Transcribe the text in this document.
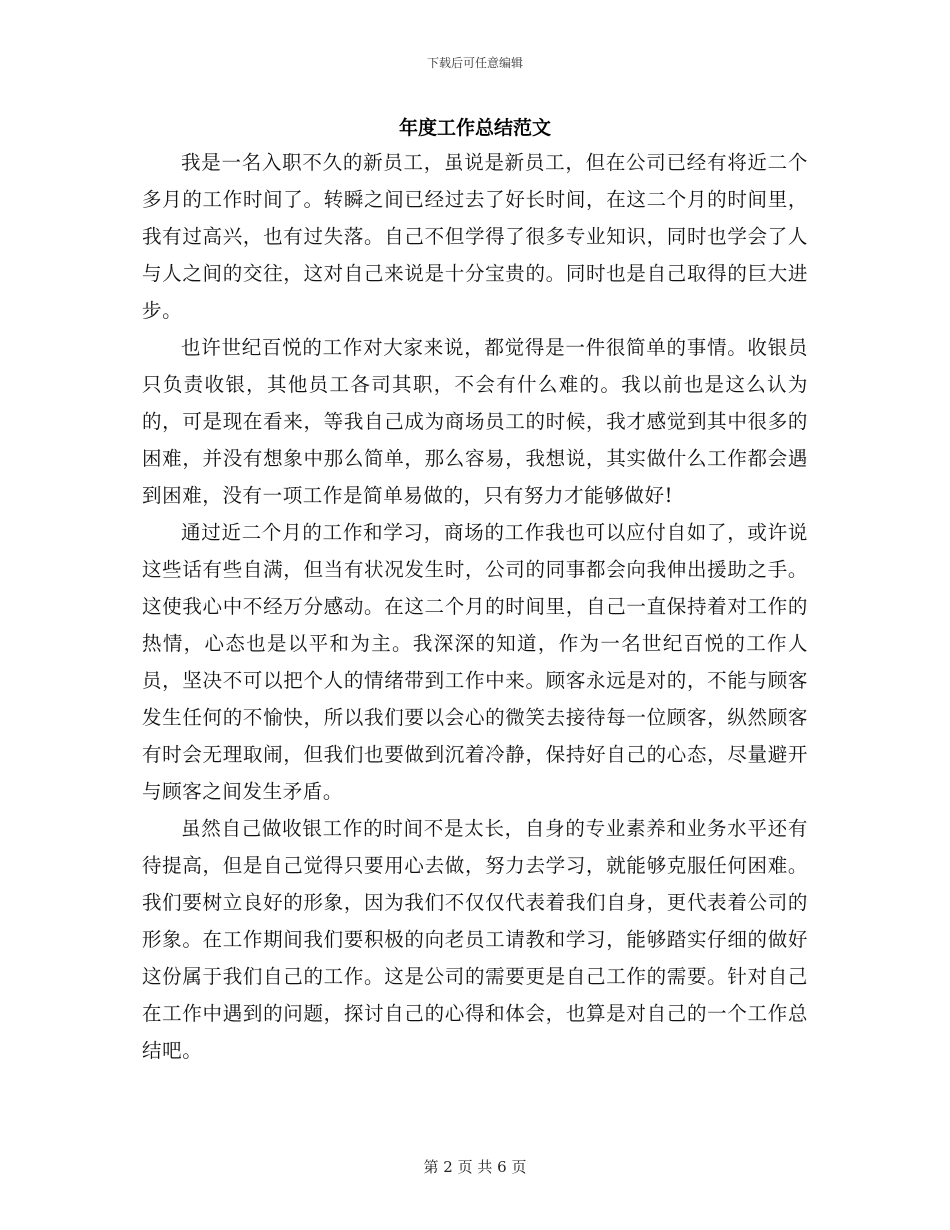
下载后可任意编辑
年度工作总结范文

我是一名入职不久的新员工，虽说是新员工，但在公司已经有将近二个多月的工作时间了。转瞬之间已经过去了好长时间，在这二个月的时间里，我有过高兴，也有过失落。自己不但学得了很多专业知识，同时也学会了人与人之间的交往，这对自己来说是十分宝贵的。同时也是自己取得的巨大进步。

也许世纪百悦的工作对大家来说，都觉得是一件很简单的事情。收银员只负责收银，其他员工各司其职，不会有什么难的。我以前也是这么认为的，可是现在看来，等我自己成为商场员工的时候，我才感觉到其中很多的困难，并没有想象中那么简单，那么容易，我想说，其实做什么工作都会遇到困难，没有一项工作是简单易做的，只有努力才能够做好!

通过近二个月的工作和学习，商场的工作我也可以应付自如了，或许说这些话有些自满，但当有状况发生时，公司的同事都会向我伸出援助之手。这使我心中不经万分感动。在这二个月的时间里，自己一直保持着对工作的热情，心态也是以平和为主。我深深的知道，作为一名世纪百悦的工作人员，坚决不可以把个人的情绪带到工作中来。顾客永远是对的，不能与顾客发生任何的不愉快，所以我们要以会心的微笑去接待每一位顾客，纵然顾客有时会无理取闹，但我们也要做到沉着冷静，保持好自己的心态，尽量避开与顾客之间发生矛盾。

虽然自己做收银工作的时间不是太长，自身的专业素养和业务水平还有待提高，但是自己觉得只要用心去做，努力去学习，就能够克服任何困难。我们要树立良好的形象，因为我们不仅仅代表着我们自身，更代表着公司的形象。在工作期间我们要积极的向老员工请教和学习，能够踏实仔细的做好这份属于我们自己的工作。这是公司的需要更是自己工作的需要。针对自己在工作中遇到的问题，探讨自己的心得和体会，也算是对自己的一个工作总结吧。

第 2 页 共 6 页
